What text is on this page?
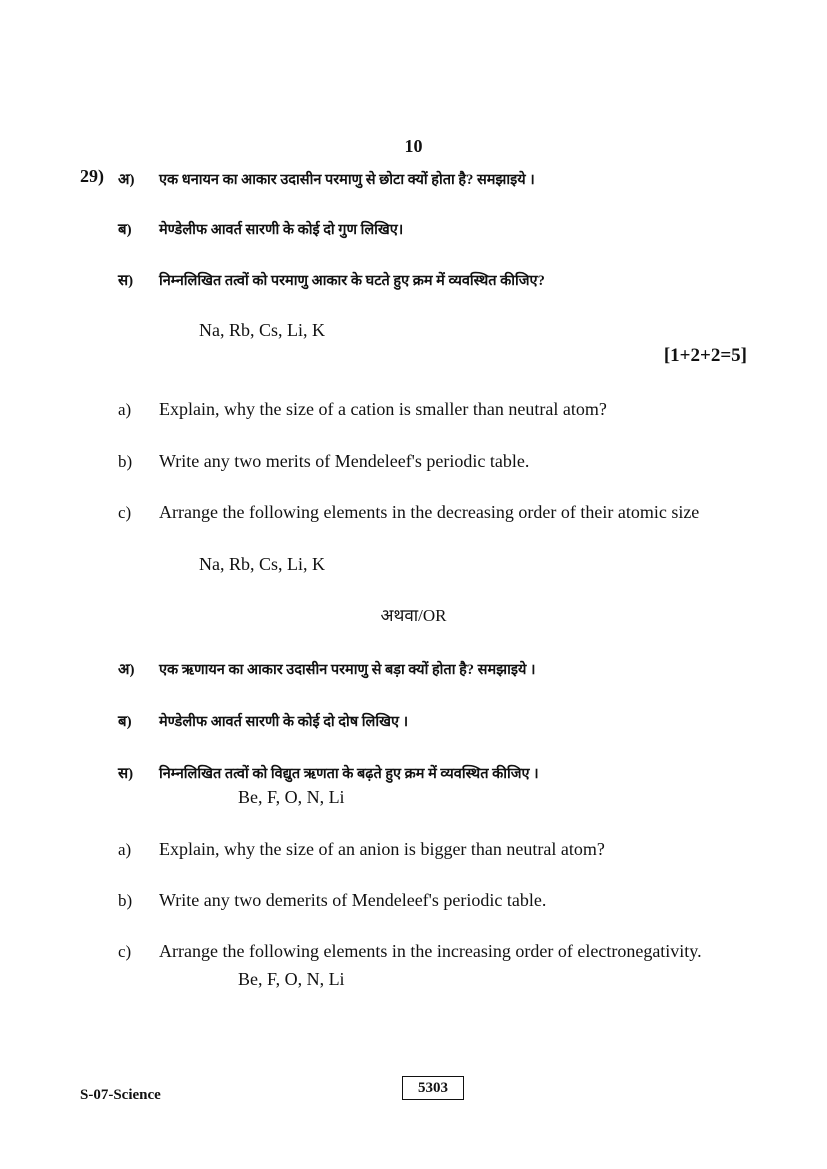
10
29) अ) एक धनायन का आकार उदासीन परमाणु से छोटा क्यों होता है? समझाइये ।
ब) मेण्डेलीफ आवर्त सारणी के कोई दो गुण लिखिए।
स) निम्नलिखित तत्वों को परमाणु आकार के घटते हुए क्रम में व्यवस्थित कीजिए?
Na, Rb, Cs, Li, K
[1+2+2=5]
a) Explain, why the size of a cation is smaller than neutral atom?
b) Write any two merits of Mendeleef's periodic table.
c) Arrange the following elements in the decreasing order of their atomic size
Na, Rb, Cs, Li, K
अथवा/OR
अ) एक ऋणायन का आकार उदासीन परमाणु से बड़ा क्यों होता है? समझाइये ।
ब) मेण्डेलीफ आवर्त सारणी के कोई दो दोष लिखिए ।
स) निम्नलिखित तत्वों को विद्युत ऋणता के बढ़ते हुए क्रम में व्यवस्थित कीजिए ।
Be, F, O, N, Li
a) Explain, why the size of an anion is bigger than neutral atom?
b) Write any two demerits of Mendeleef's periodic table.
c) Arrange the following elements in the increasing order of electronegativity.
Be, F, O, N, Li
S-07-Science	5303
